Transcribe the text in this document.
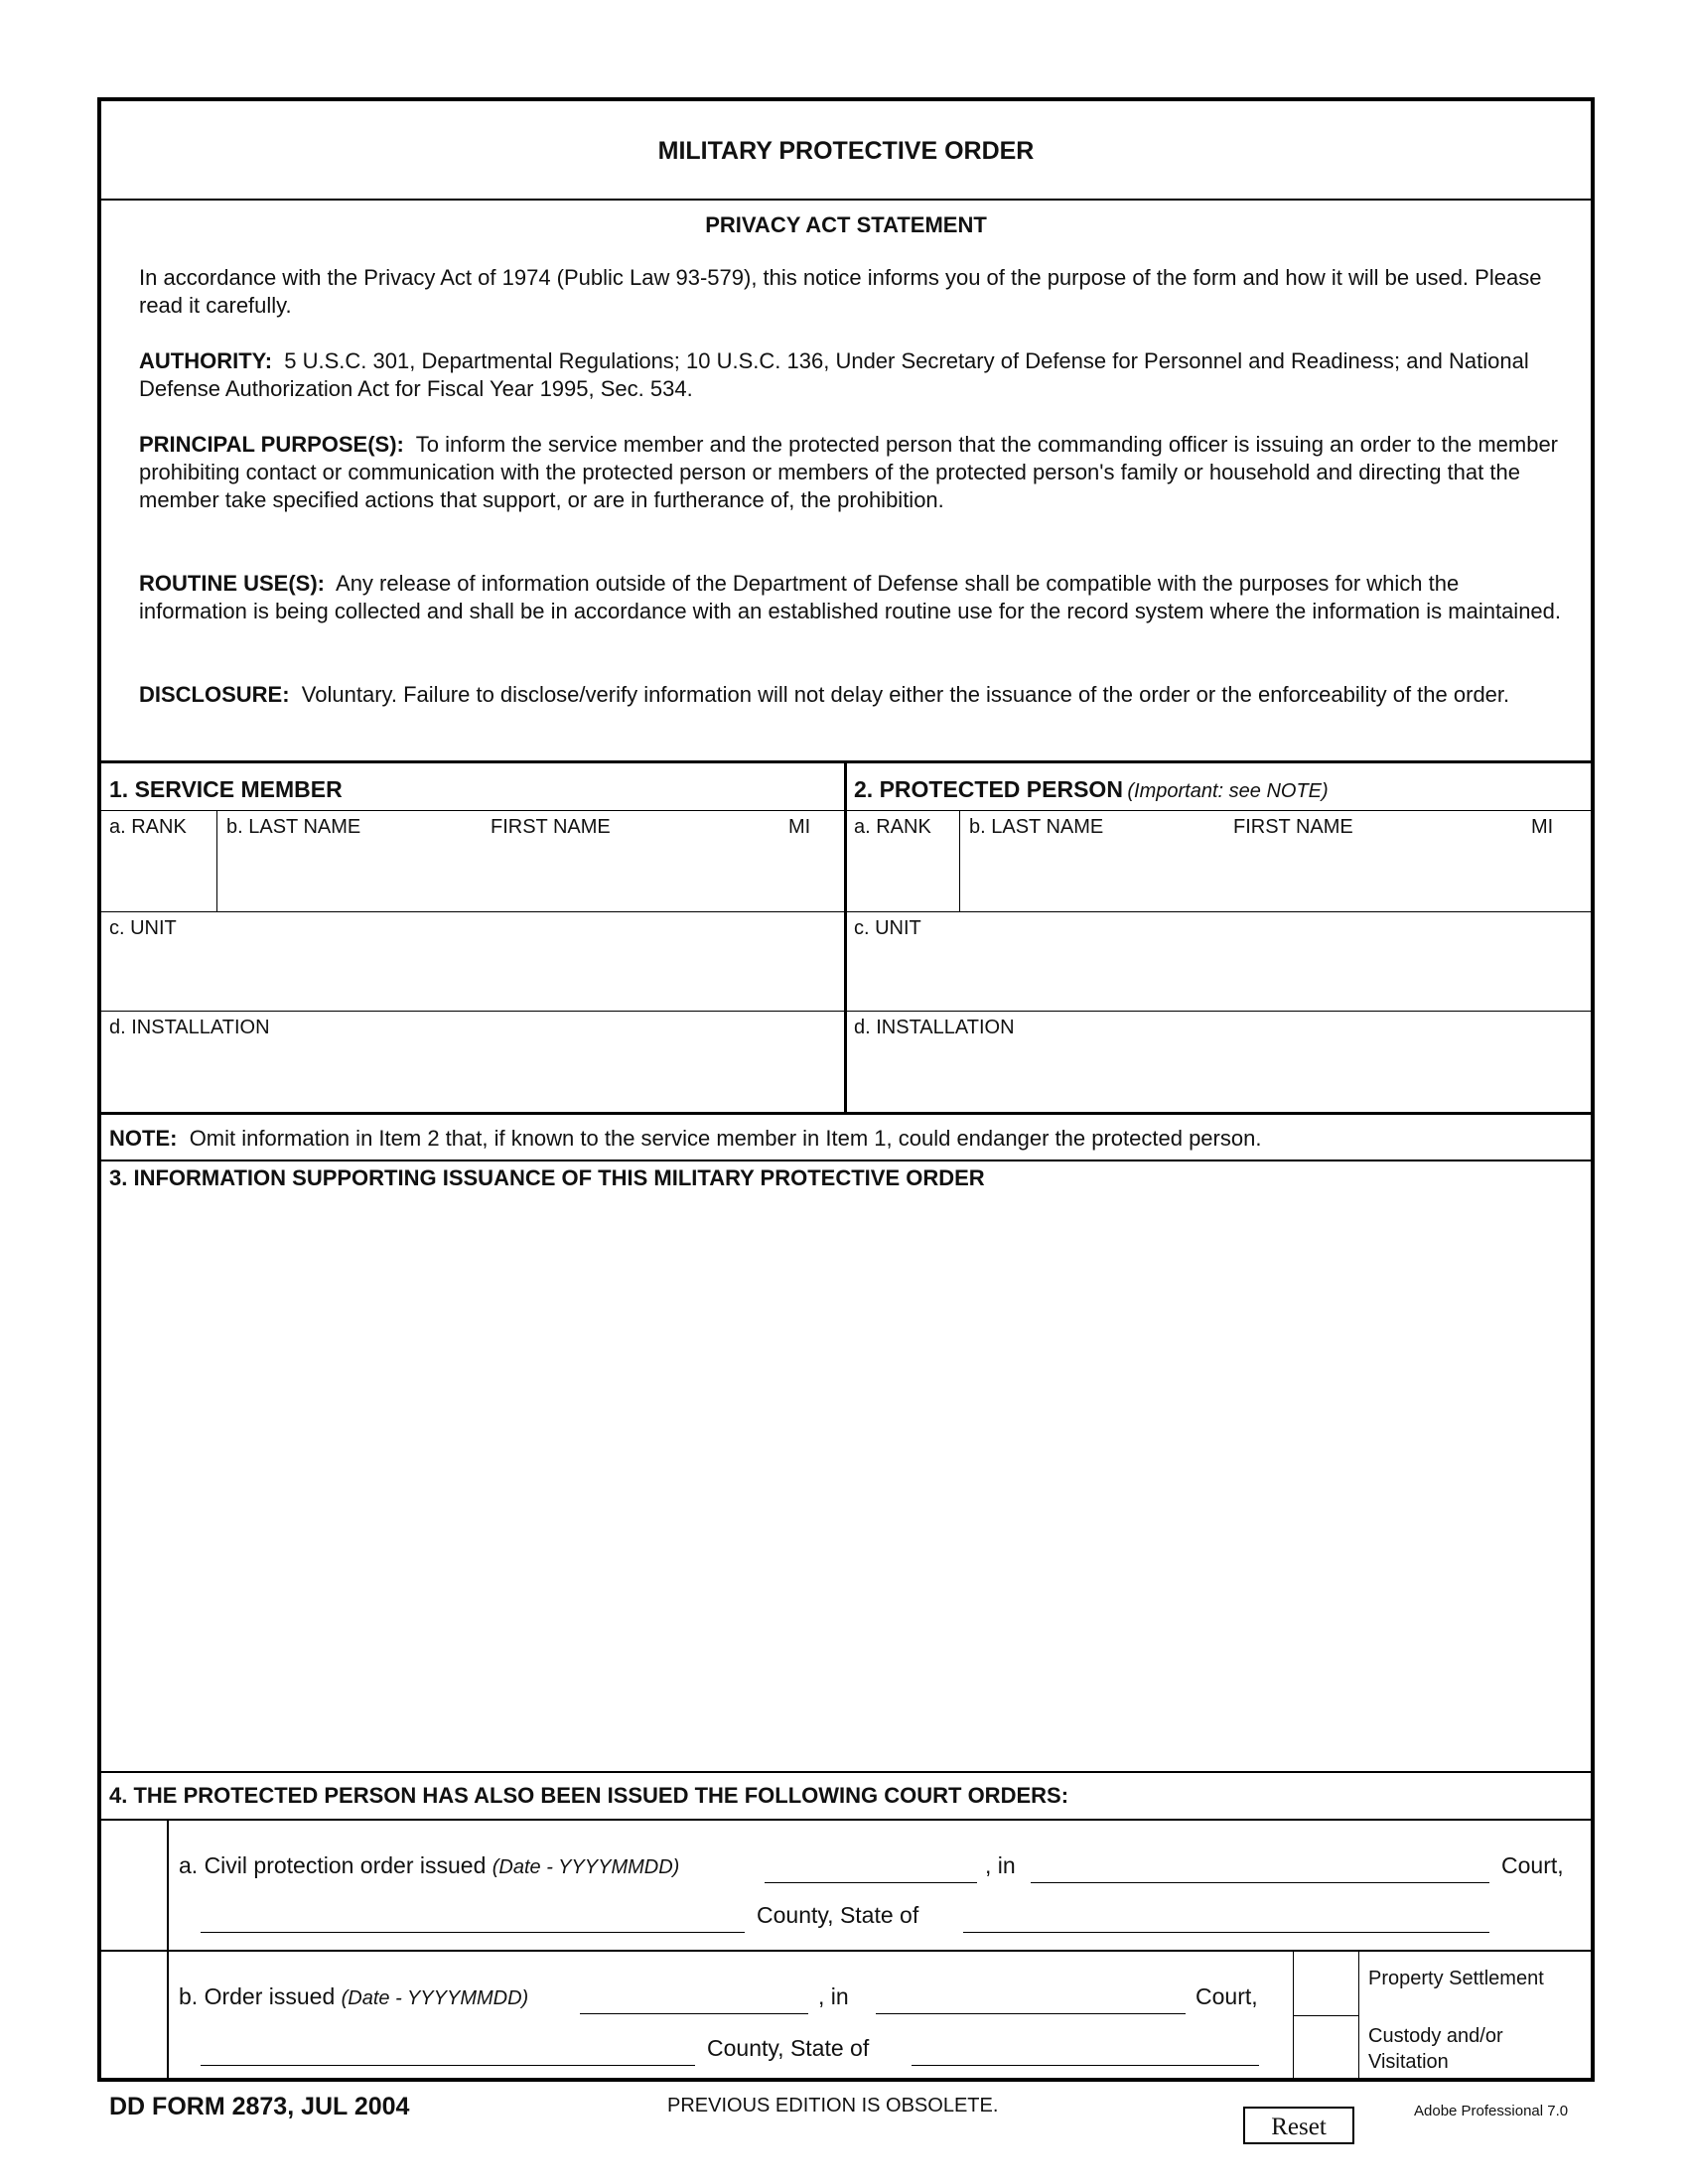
MILITARY PROTECTIVE ORDER
PRIVACY ACT STATEMENT
In accordance with the Privacy Act of 1974 (Public Law 93-579), this notice informs you of the purpose of the form and how it will be used. Please read it carefully.
AUTHORITY: 5 U.S.C. 301, Departmental Regulations; 10 U.S.C. 136, Under Secretary of Defense for Personnel and Readiness; and National Defense Authorization Act for Fiscal Year 1995, Sec. 534.
PRINCIPAL PURPOSE(S): To inform the service member and the protected person that the commanding officer is issuing an order to the member prohibiting contact or communication with the protected person or members of the protected person's family or household and directing that the member take specified actions that support, or are in furtherance of, the prohibition.
ROUTINE USE(S): Any release of information outside of the Department of Defense shall be compatible with the purposes for which the information is being collected and shall be in accordance with an established routine use for the record system where the information is maintained.
DISCLOSURE: Voluntary. Failure to disclose/verify information will not delay either the issuance of the order or the enforceability of the order.
1. SERVICE MEMBER	2. PROTECTED PERSON (Important: see NOTE)
a. RANK b. LAST NAME	FIRST NAME	MI a. RANK b. LAST NAME	FIRST NAME	MI
c. UNIT	c. UNIT
d. INSTALLATION	d. INSTALLATION
NOTE: Omit information in Item 2 that, if known to the service member in Item 1, could endanger the protected person.
3. INFORMATION SUPPORTING ISSUANCE OF THIS MILITARY PROTECTIVE ORDER
4. THE PROTECTED PERSON HAS ALSO BEEN ISSUED THE FOLLOWING COURT ORDERS:
a. Civil protection order issued (Date - YYYYMMDD)	, in	Court,
County, State of
b. Order issued (Date - YYYYMMDD)	, in	Court,
County, State of
Property Settlement
Custody and/or Visitation
DD FORM 2873, JUL 2004	PREVIOUS EDITION IS OBSOLETE.
Reset
Adobe Professional 7.0
